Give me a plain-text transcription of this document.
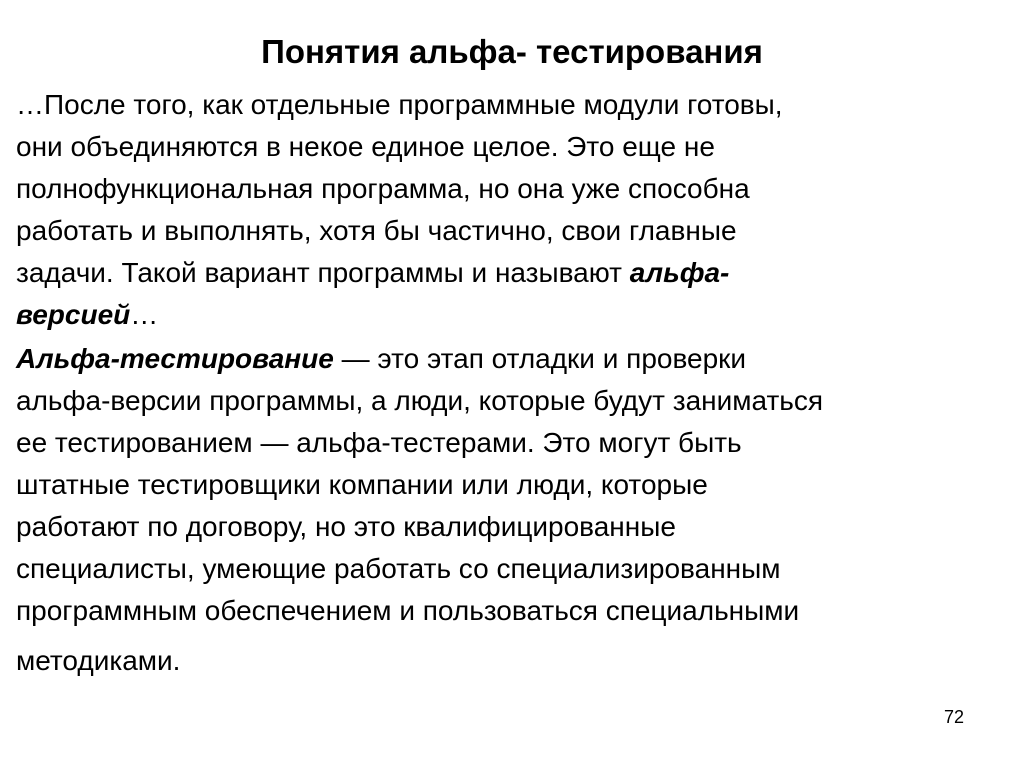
Понятия альфа- тестирования
…После того, как отдельные программные модули готовы,
они объединяются в некое единое целое. Это еще не
полнофункциональная программа, но она уже способна
работать и выполнять, хотя бы частично, свои главные
задачи. Такой вариант программы и называют альфа-
версией…
Альфа-тестирование — это этап отладки и проверки
альфа-версии программы, а люди, которые будут заниматься
ее тестированием — альфа-тестерами. Это могут быть
штатные тестировщики компании или люди, которые
работают по договору, но это квалифицированные
специалисты, умеющие работать со специализированным
программным обеспечением и пользоваться специальными
методиками.
72
